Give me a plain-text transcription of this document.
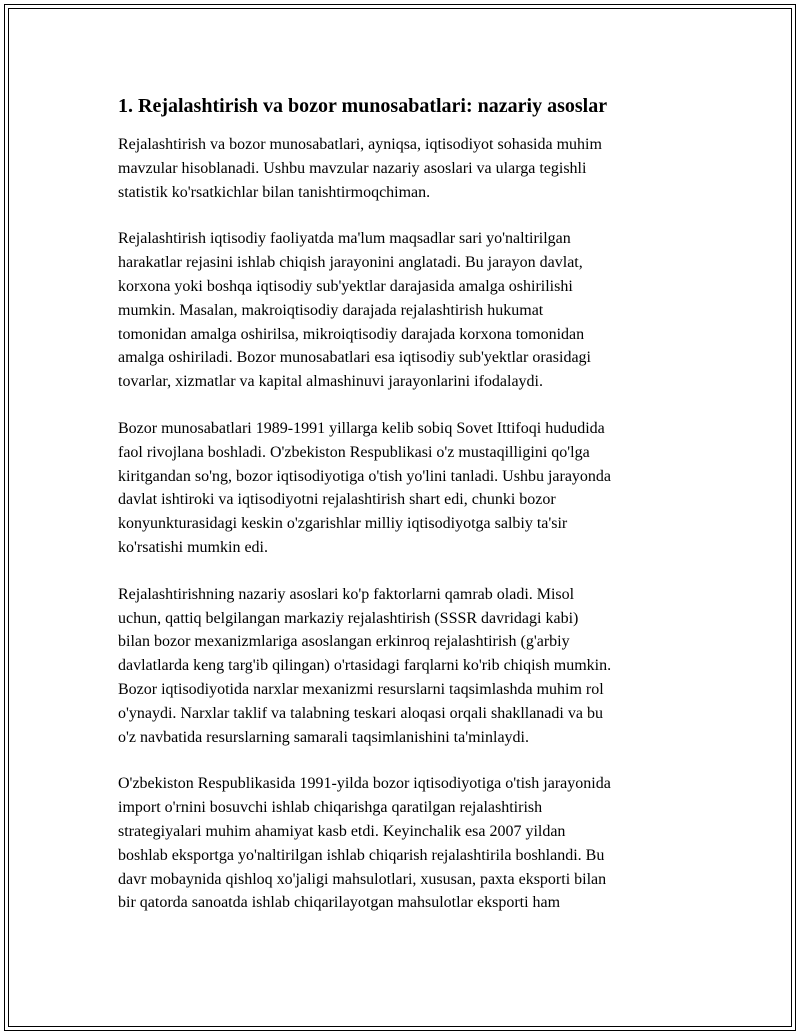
1. Rejalashtirish va bozor munosabatlari: nazariy asoslar
Rejalashtirish va bozor munosabatlari, ayniqsa, iqtisodiyot sohasida muhim
mavzular hisoblanadi. Ushbu mavzular nazariy asoslari va ularga tegishli
statistik ko'rsatkichlar bilan tanishtirmoqchiman.
Rejalashtirish iqtisodiy faoliyatda ma'lum maqsadlar sari yo'naltirilgan
harakatlar rejasini ishlab chiqish jarayonini anglatadi. Bu jarayon davlat,
korxona yoki boshqa iqtisodiy sub'yektlar darajasida amalga oshirilishi
mumkin. Masalan, makroiqtisodiy darajada rejalashtirish hukumat
tomonidan amalga oshirilsa, mikroiqtisodiy darajada korxona tomonidan
amalga oshiriladi. Bozor munosabatlari esa iqtisodiy sub'yektlar orasidagi
tovarlar, xizmatlar va kapital almashinuvi jarayonlarini ifodalaydi.
Bozor munosabatlari 1989-1991 yillarga kelib sobiq Sovet Ittifoqi hududida
faol rivojlana boshladi. O'zbekiston Respublikasi o'z mustaqilligini qo'lga
kiritgandan so'ng, bozor iqtisodiyotiga o'tish yo'lini tanladi. Ushbu jarayonda
davlat ishtiroki va iqtisodiyotni rejalashtirish shart edi, chunki bozor
konyunkturasidagi keskin o'zgarishlar milliy iqtisodiyotga salbiy ta'sir
ko'rsatishi mumkin edi.
Rejalashtirishning nazariy asoslari ko'p faktorlarni qamrab oladi. Misol
uchun, qattiq belgilangan markaziy rejalashtirish (SSSR davridagi kabi)
bilan bozor mexanizmlariga asoslangan erkinroq rejalashtirish (g'arbiy
davlatlarda keng targ'ib qilingan) o'rtasidagi farqlarni ko'rib chiqish mumkin.
Bozor iqtisodiyotida narxlar mexanizmi resurslarni taqsimlashda muhim rol
o'ynaydi. Narxlar taklif va talabning teskari aloqasi orqali shakllanadi va bu
o'z navbatida resurslarning samarali taqsimlanishini ta'minlaydi.
O'zbekiston Respublikasida 1991-yilda bozor iqtisodiyotiga o'tish jarayonida
import o'rnini bosuvchi ishlab chiqarishga qaratilgan rejalashtirish
strategiyalari muhim ahamiyat kasb etdi. Keyinchalik esa 2007 yildan
boshlab eksportga yo'naltirilgan ishlab chiqarish rejalashtirila boshlandi. Bu
davr mobaynida qishloq xo'jaligi mahsulotlari, xususan, paxta eksporti bilan
bir qatorda sanoatda ishlab chiqarilayotgan mahsulotlar eksporti ham
